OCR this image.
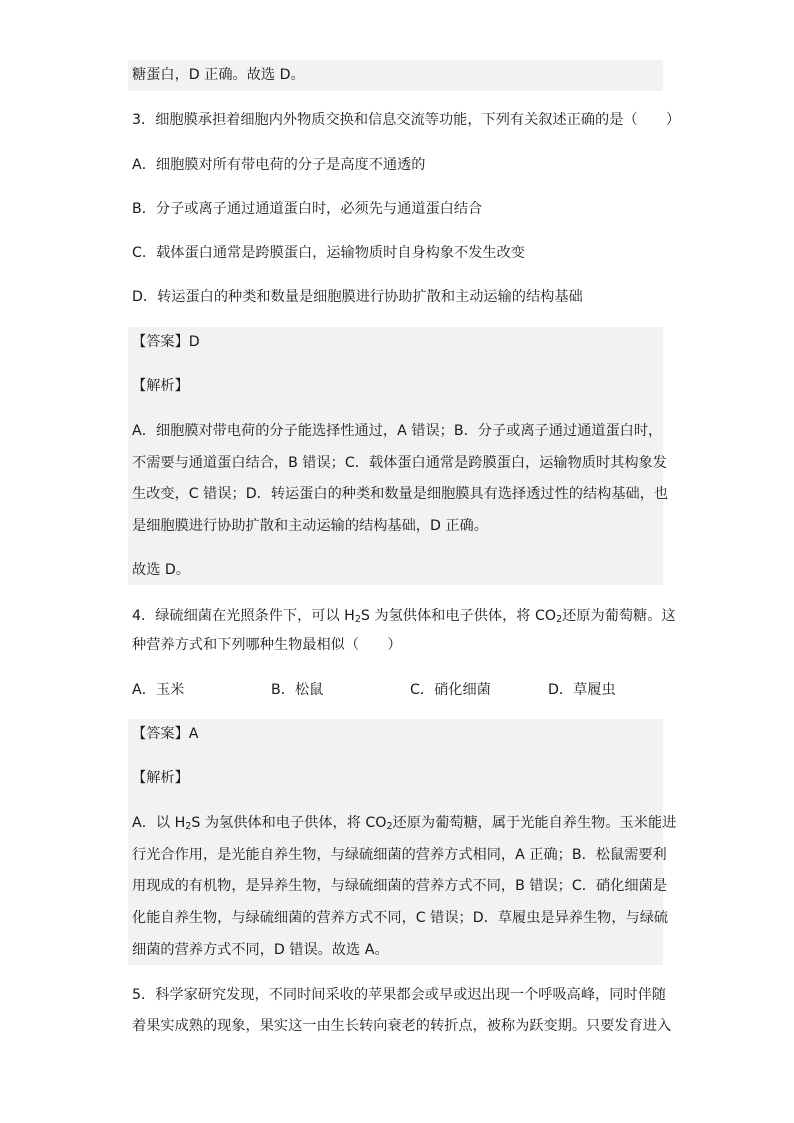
糖蛋白，D 正确。故选 D。
3．细胞膜承担着细胞内外物质交换和信息交流等功能，下列有关叙述正确的是（　　）
A．细胞膜对所有带电荷的分子是高度不通透的
B．分子或离子通过通道蛋白时，必须先与通道蛋白结合
C．载体蛋白通常是跨膜蛋白，运输物质时自身构象不发生改变
D．转运蛋白的种类和数量是细胞膜进行协助扩散和主动运输的结构基础
【答案】D
【解析】
A．细胞膜对带电荷的分子能选择性通过，A 错误；B．分子或离子通过通道蛋白时，
不需要与通道蛋白结合，B 错误；C．载体蛋白通常是跨膜蛋白，运输物质时其构象发
生改变，C 错误；D．转运蛋白的种类和数量是细胞膜具有选择透过性的结构基础，也
是细胞膜进行协助扩散和主动运输的结构基础，D 正确。
故选 D。
4．绿硫细菌在光照条件下，可以 $H_2S$ 为氢供体和电子供体，将 $CO_2$还原为葡萄糖。这
种营养方式和下列哪种生物最相似（　　）
A．玉米	B．松鼠	C．硝化细菌	D．草履虫
【答案】A
【解析】
A．以 $H_2S$ 为氢供体和电子供体，将 $CO_2$还原为葡萄糖，属于光能自养生物。玉米能进
行光合作用，是光能自养生物，与绿硫细菌的营养方式相同，A 正确；B．松鼠需要利
用现成的有机物，是异养生物，与绿硫细菌的营养方式不同，B 错误；C．硝化细菌是
化能自养生物，与绿硫细菌的营养方式不同，C 错误；D．草履虫是异养生物，与绿硫
细菌的营养方式不同，D 错误。故选 A。
5．科学家研究发现，不同时间采收的苹果都会或早或迟出现一个呼吸高峰，同时伴随
着果实成熟的现象，果实这一由生长转向衰老的转折点，被称为跃变期。只要发育进入
